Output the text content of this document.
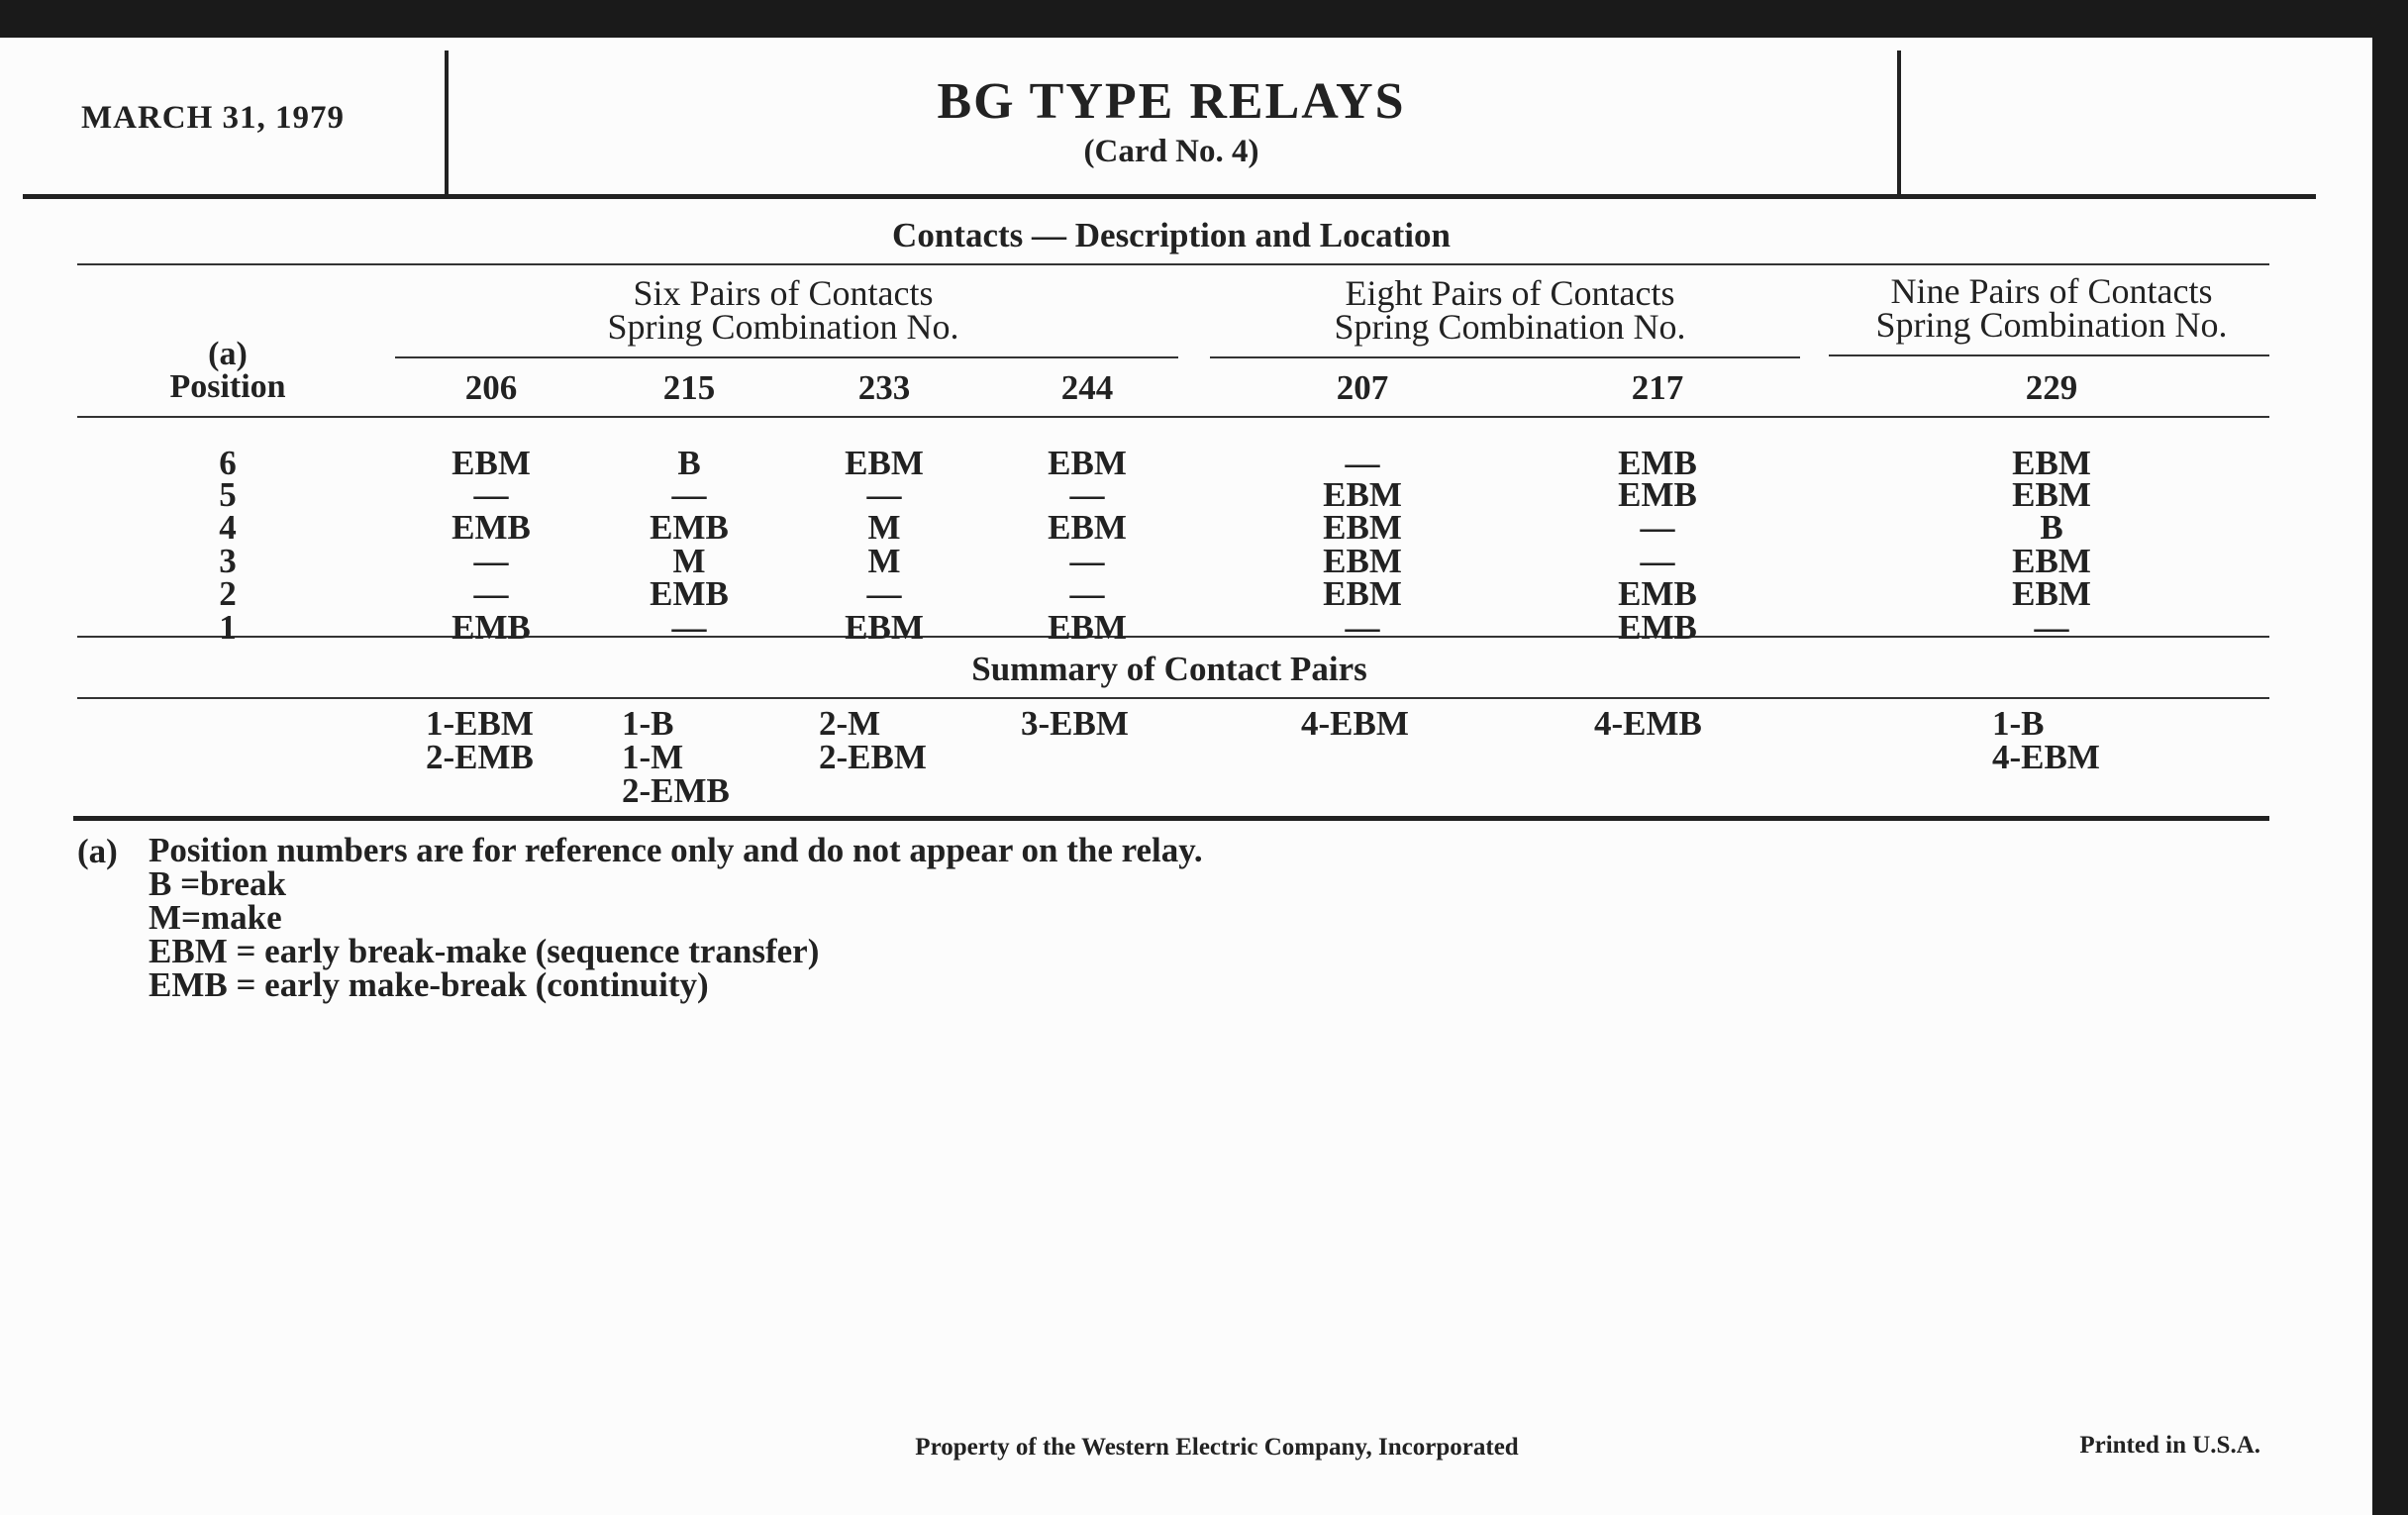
MARCH 31, 1979	BG TYPE RELAYS
(Card No. 4)
Contacts — Description and Location
Six Pairs of Contacts
Spring Combination No.
Eight Pairs of Contacts
Spring Combination No.
Nine Pairs of Contacts
Spring Combination No.
(a)
Position
Summary of Contact Pairs
(a) Position numbers are for reference only and do not appear on the relay.
B =break
M=make
EBM = early break-make (sequence transfer)
EMB = early make-break (continuity)
Property of the Western Electric Company, Incorporated	Printed in U.S.A.
6
5
4
3
2
1
206
EBM
—
EMB
—
—
EMB
1-EBM
2-EMB
215
B
—
EMB
M
EMB
—
1-B
1-M
2-EMB
233
EBM
—
M
M
—
EBM
2-M
2-EBM
244
EBM
—
EBM
—
—
EBM
3-EBM
207
—
EBM
EBM
EBM
EBM
—
4-EBM
217
EMB
EMB
—
—
EMB
EMB
4-EMB
229
EBM
EBM
B
EBM
EBM
—
1-B
4-EBM
